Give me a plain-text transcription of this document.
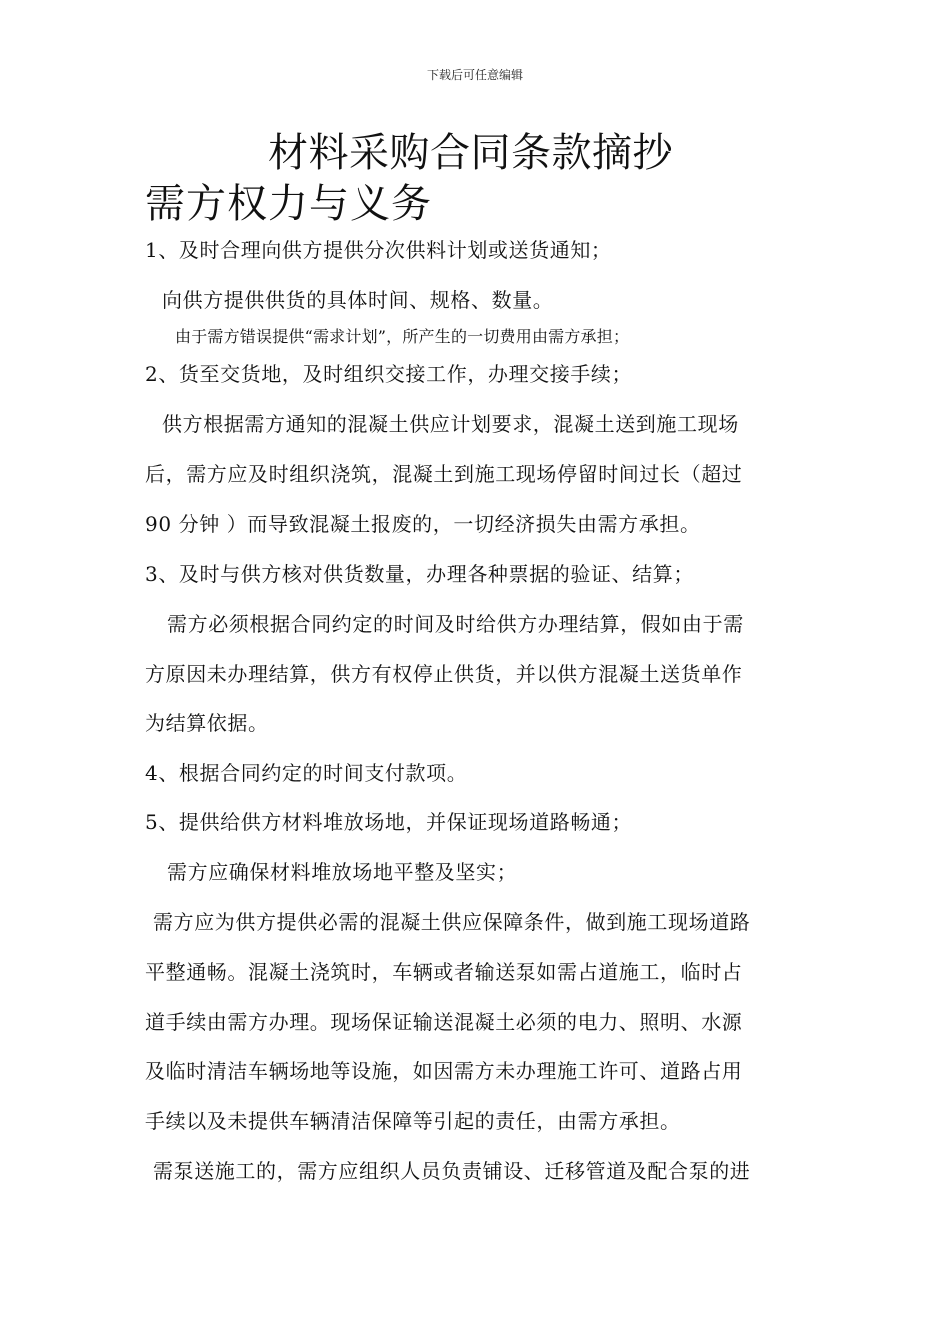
下载后可任意编辑
材料采购合同条款摘抄
需方权力与义务
1、及时合理向供方提供分次供料计划或送货通知；
向供方提供供货的具体时间、规格、数量。
由于需方错误提供“需求计划”，所产生的一切费用由需方承担；
2、货至交货地，及时组织交接工作，办理交接手续；
供方根据需方通知的混凝土供应计划要求，混凝土送到施工现场
后，需方应及时组织浇筑，混凝土到施工现场停留时间过长（超过
90 分钟 ）而导致混凝土报废的，一切经济损失由需方承担。
3、及时与供方核对供货数量，办理各种票据的验证、结算；
需方必须根据合同约定的时间及时给供方办理结算，假如由于需
方原因未办理结算，供方有权停止供货，并以供方混凝土送货单作
为结算依据。
4、根据合同约定的时间支付款项。
5、提供给供方材料堆放场地，并保证现场道路畅通；
需方应确保材料堆放场地平整及坚实；
需方应为供方提供必需的混凝土供应保障条件，做到施工现场道路
平整通畅。混凝土浇筑时，车辆或者输送泵如需占道施工，临时占
道手续由需方办理。现场保证输送混凝土必须的电力、照明、水源
及临时清洁车辆场地等设施，如因需方未办理施工许可、道路占用
手续以及未提供车辆清洁保障等引起的责任，由需方承担。
需泵送施工的，需方应组织人员负责铺设、迁移管道及配合泵的进
